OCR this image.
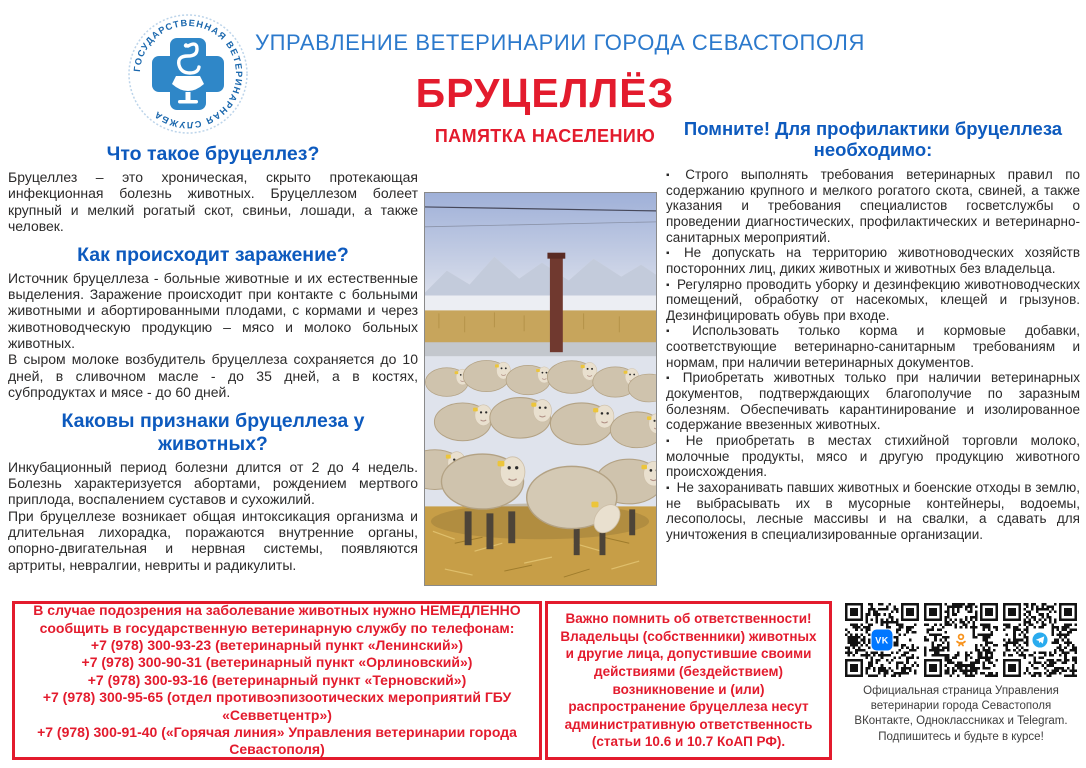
ГОСУДАРСТВЕННАЯ ВЕТЕРИНАРНАЯ СЛУЖБА
УПРАВЛЕНИЕ ВЕТЕРИНАРИИ ГОРОДА СЕВАСТОПОЛЯ
БРУЦЕЛЛЁЗ
ПАМЯТКА НАСЕЛЕНИЮ
Что такое бруцеллез?

Бруцеллез – это хроническая, скрыто протекающая инфекционная болезнь животных. Бруцеллезом болеет крупный и мелкий рогатый скот, свиньи, лошади, а также человек.

Как происходит заражение?

Источник бруцеллеза - больные животные и их естественные выделения. Заражение происходит при контакте с больными животными и абортированными плодами, с кормами и через животноводческую продукцию – мясо и молоко больных животных.

В сыром молоке возбудитель бруцеллеза сохраняется до 10 дней, в сливочном масле - до 35 дней, а в костях, субпродуктах и мясе - до 60 дней.

Каковы признаки бруцеллеза у животных?

Инкубационный период болезни длится от 2 до 4 недель. Болезнь характеризуется абортами, рождением мертвого приплода, воспалением суставов и сухожилий.

При бруцеллезе возникает общая интоксикация организма и длительная лихорадка, поражаются внутренние органы, опорно-двигательная и нервная системы, появляются артриты, невралгии, невриты и радикулиты.

Помните! Для профилактики бруцеллеза необходимо:

▪ Строго выполнять требования ветеринарных правил по содержанию крупного и мелкого рогатого скота, свиней, а также указания и требования специалистов госветслужбы о проведении диагностических, профилактических и ветеринарно-санитарных мероприятий.

▪ Не допускать на территорию животноводческих хозяйств посторонних лиц, диких животных и животных без владельца.

▪ Регулярно проводить уборку и дезинфекцию животноводческих помещений, обработку от насекомых, клещей и грызунов. Дезинфицировать обувь при входе.

▪ Использовать только корма и кормовые добавки, соответствующие ветеринарно-санитарным требованиям и нормам, при наличии ветеринарных документов.

▪ Приобретать животных только при наличии ветеринарных документов, подтверждающих благополучие по заразным болезням. Обеспечивать карантинирование и изолированное содержание ввезенных животных.

▪ Не приобретать в местах стихийной торговли молоко, молочные продукты, мясо и другую продукцию животного происхождения.

▪ Не захоранивать павших животных и боенские отходы в землю, не выбрасывать их в мусорные контейнеры, водоемы, лесополосы, лесные массивы и на свалки, а сдавать для уничтожения в специализированные организации.

В случае подозрения на заболевание животных нужно НЕМЕДЛЕННО сообщить в государственную ветеринарную службу по телефонам:
+7 (978) 300-93-23 (ветеринарный пункт «Ленинский»)
+7 (978) 300-90-31 (ветеринарный пункт «Орлиновский»)
+7 (978) 300-93-16 (ветеринарный пункт «Терновский»)
+7 (978) 300-95-65 (отдел противоэпизоотических мероприятий ГБУ «Севветцентр»)
+7 (978) 300-91-40 («Горячая линия» Управления ветеринарии города Севастополя)
Важно помнить об ответственности!
Владельцы (собственники) животных и другие лица, допустившие своими действиями (бездействием) возникновение и (или) распространение бруцеллеза несут административную ответственность (статьи 10.6 и 10.7 КоАП РФ).
VK
Официальная страница Управления ветеринарии города Севастополя ВКонтакте, Одноклассниках и Telegram. Подпишитесь и будьте в курсе!
